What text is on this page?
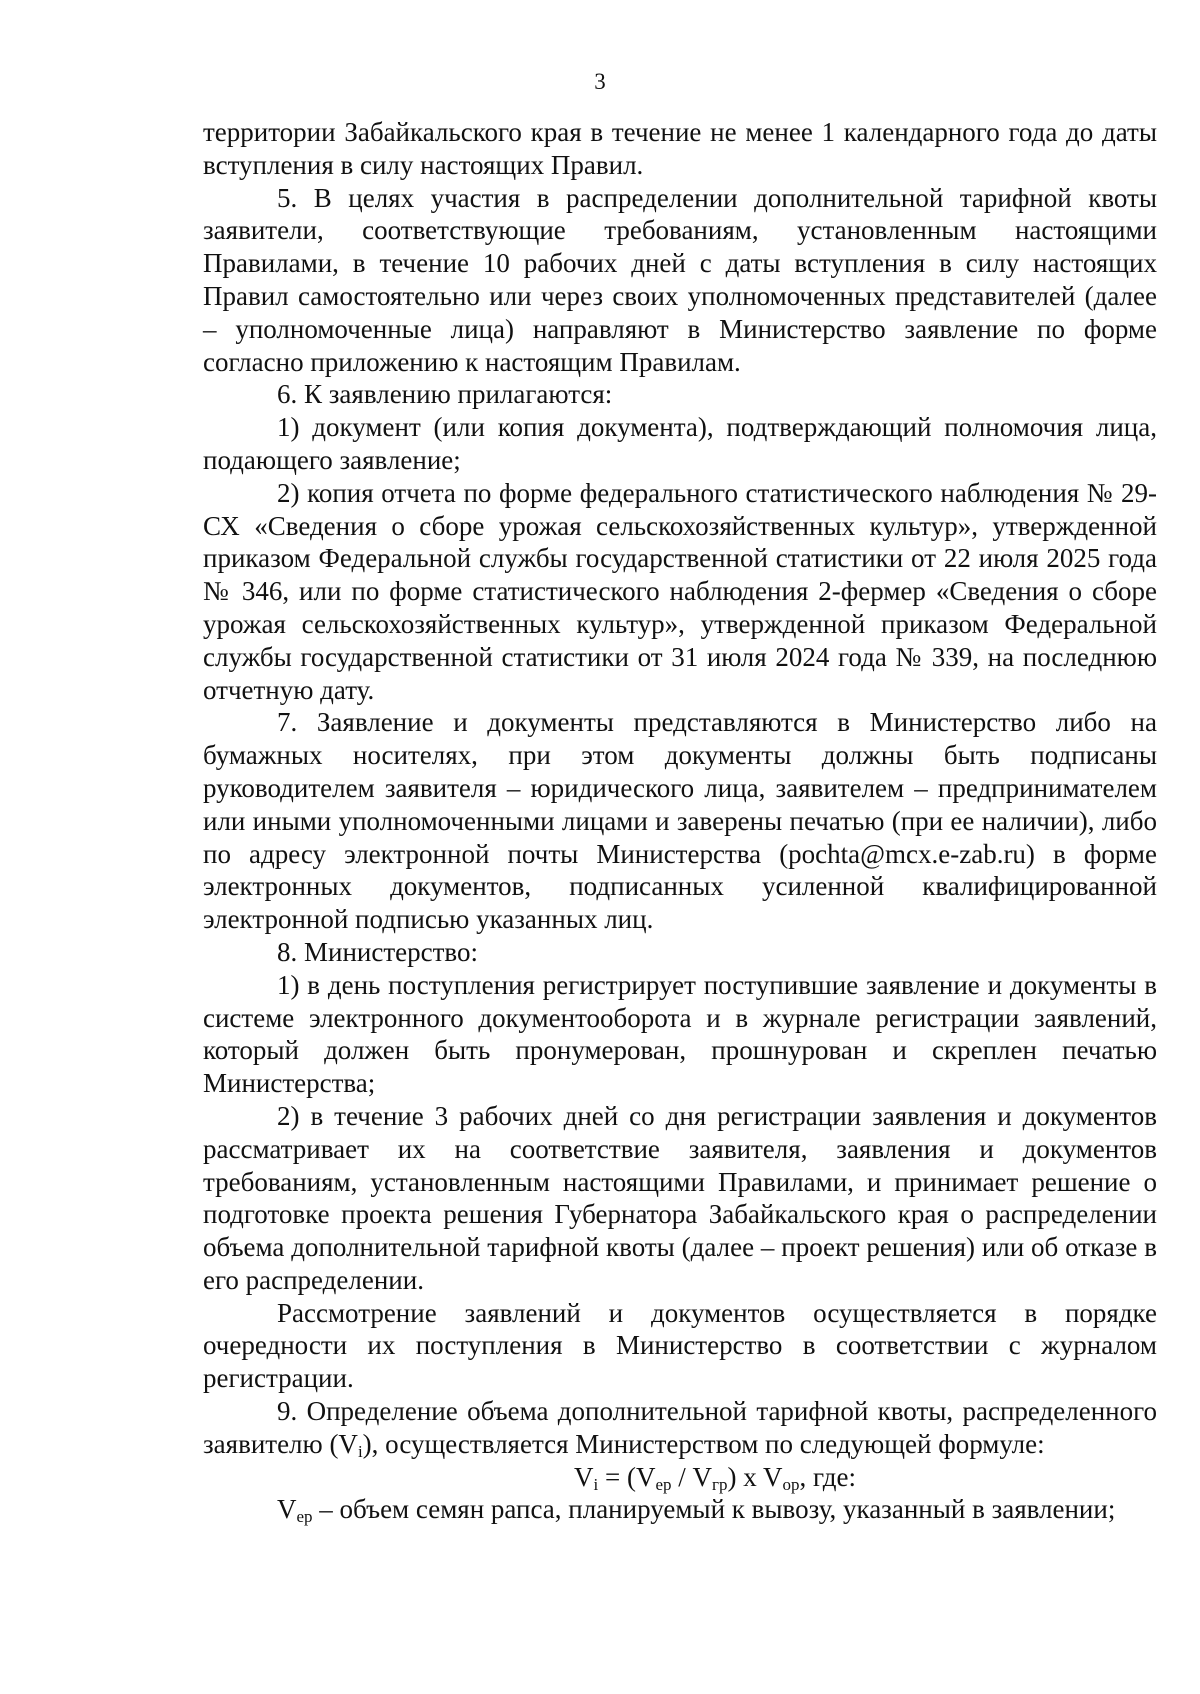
3

территории Забайкальского края в течение не менее 1 календарного года до даты вступления в силу настоящих Правил.

5. В целях участия в распределении дополнительной тарифной квоты заявители, соответствующие требованиям, установленным настоящими Правилами, в течение 10 рабочих дней с даты вступления в силу настоящих Правил самостоятельно или через своих уполномоченных представителей (далее – уполномоченные лица) направляют в Министерство заявление по форме согласно приложению к настоящим Правилам.

6. К заявлению прилагаются:

1) документ (или копия документа), подтверждающий полномочия лица, подающего заявление;

2) копия отчета по форме федерального статистического наблюдения № 29-СХ «Сведения о сборе урожая сельскохозяйственных культур», утвержденной приказом Федеральной службы государственной статистики от 22 июля 2025 года № 346, или по форме статистического наблюдения 2-фермер «Сведения о сборе урожая сельскохозяйственных культур», утвержденной приказом Федеральной службы государственной статистики от 31 июля 2024 года № 339, на последнюю отчетную дату.

7. Заявление и документы представляются в Министерство либо на бумажных носителях, при этом документы должны быть подписаны руководителем заявителя – юридического лица, заявителем – предпринимателем или иными уполномоченными лицами и заверены печатью (при ее наличии), либо по адресу электронной почты Министерства (pochta@mcx.e-zab.ru) в форме электронных документов, подписанных усиленной квалифицированной электронной подписью указанных лиц.

8. Министерство:

1) в день поступления регистрирует поступившие заявление и документы в системе электронного документооборота и в журнале регистрации заявлений, который должен быть пронумерован, прошнурован и скреплен печатью Министерства;

2) в течение 3 рабочих дней со дня регистрации заявления и документов рассматривает их на соответствие заявителя, заявления и документов требованиям, установленным настоящими Правилами, и принимает решение о подготовке проекта решения Губернатора Забайкальского края о распределении объема дополнительной тарифной квоты (далее – проект решения) или об отказе в его распределении.

Рассмотрение заявлений и документов осуществляется в порядке очередности их поступления в Министерство в соответствии с журналом регистрации.

9. Определение объема дополнительной тарифной квоты, распределенного заявителю $(V_i)$, осуществляется Министерством по следующей формуле:

$V_i = (V_{ер} / V_{гр})$ x $V_{ор}$, где:

$V_{ер}$ – объем семян рапса, планируемый к вывозу, указанный в заявлении;
